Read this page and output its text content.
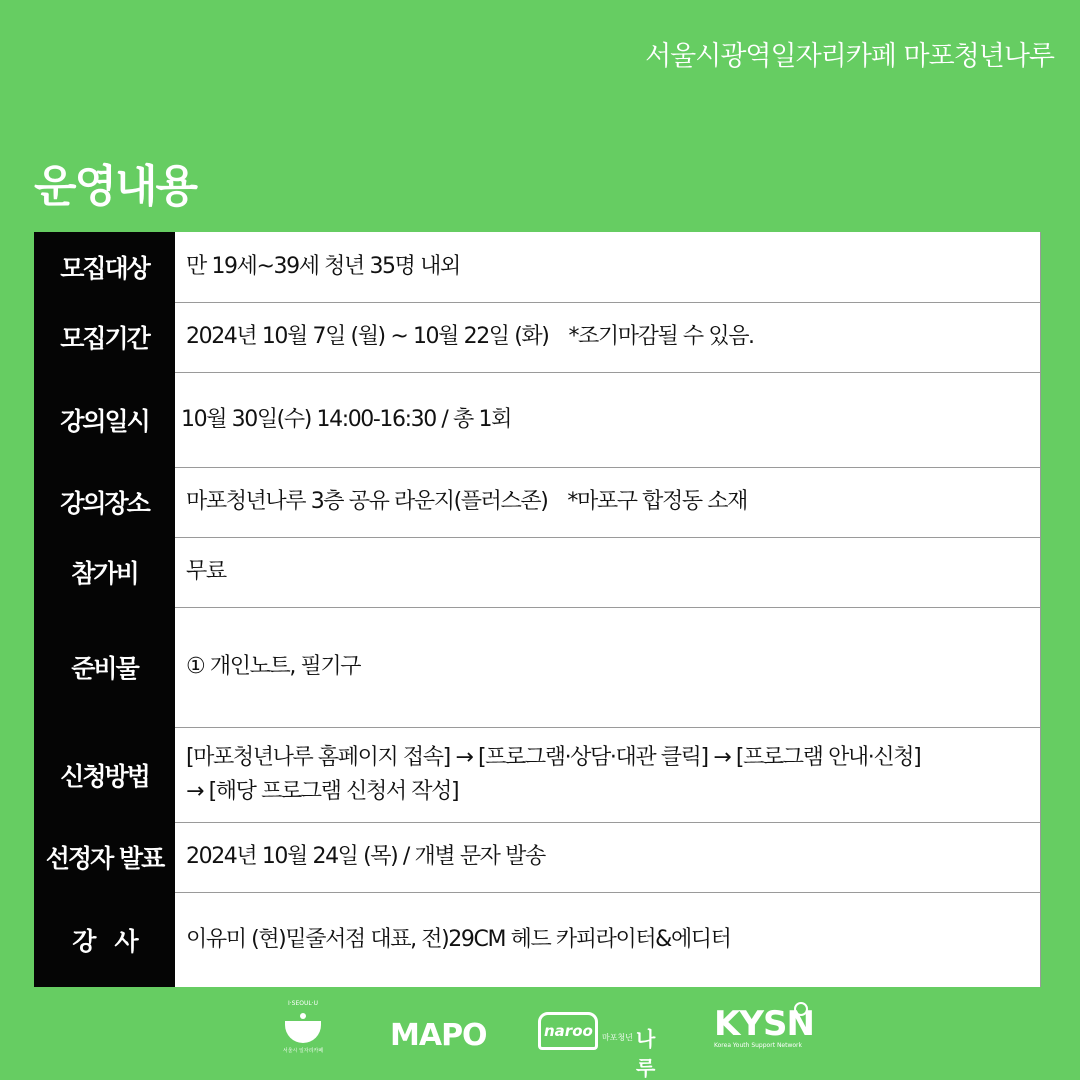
서울시광역일자리카페 마포청년나루
운영내용
모집대상	만 19세~39세 청년 35명 내외
모집기간	2024년 10월 7일 (월) ~ 10월 22일 (화) *조기마감될 수 있음.
강의일시	10월 30일(수) 14:00-16:30 / 총 1회
강의장소	마포청년나루 3층 공유 라운지(플러스존) *마포구 합정동 소재
참가비	무료
준비물	① 개인노트, 필기구
신청방법	[마포청년나루 홈페이지 접속] → [프로그램·상담·대관 클릭] → [프로그램 안내·신청]
→ [해당 프로그램 신청서 작성]

선정자 발표	2024년 10월 24일 (목) / 개별 문자 발송
강   사	이유미 (현)밑줄서점 대표, 전)29CM 헤드 카피라이터&에디터
I·SEOUL·U
서울시 일자리카페 MAPO	naroo 마포청년 나루
KYSN
Korea Youth Support Network
